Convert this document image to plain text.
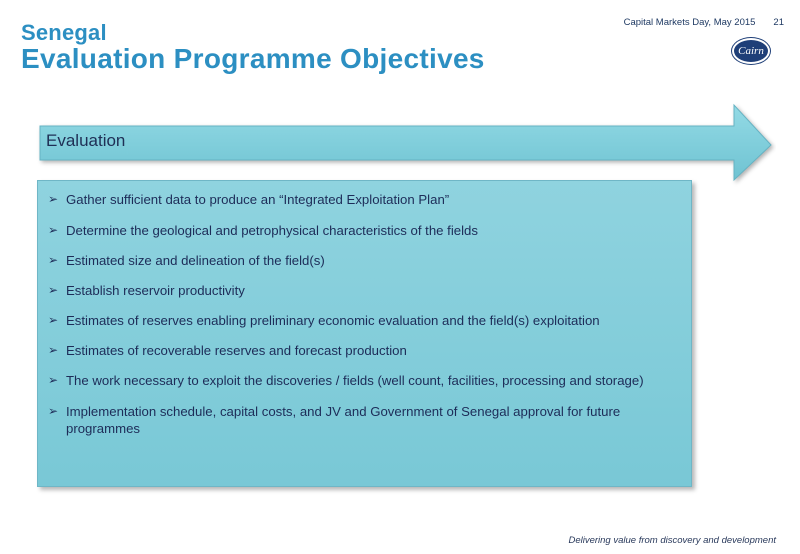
Capital Markets Day, May 2015 21
Senegal
Evaluation Programme Objectives	Cairn
Evaluation
➢ Gather sufficient data to produce an “Integrated Exploitation Plan”
➢ Determine the geological and petrophysical characteristics of the fields
➢ Estimated size and delineation of the field(s)
➢ Establish reservoir productivity
➢ Estimates of reserves enabling preliminary economic evaluation and the field(s) exploitation
➢ Estimates of recoverable reserves and forecast production
➢ The work necessary to exploit the discoveries / fields (well count, facilities, processing and storage)
➢ Implementation schedule, capital costs, and JV and Government of Senegal approval for future programmes
Delivering value from discovery and development
